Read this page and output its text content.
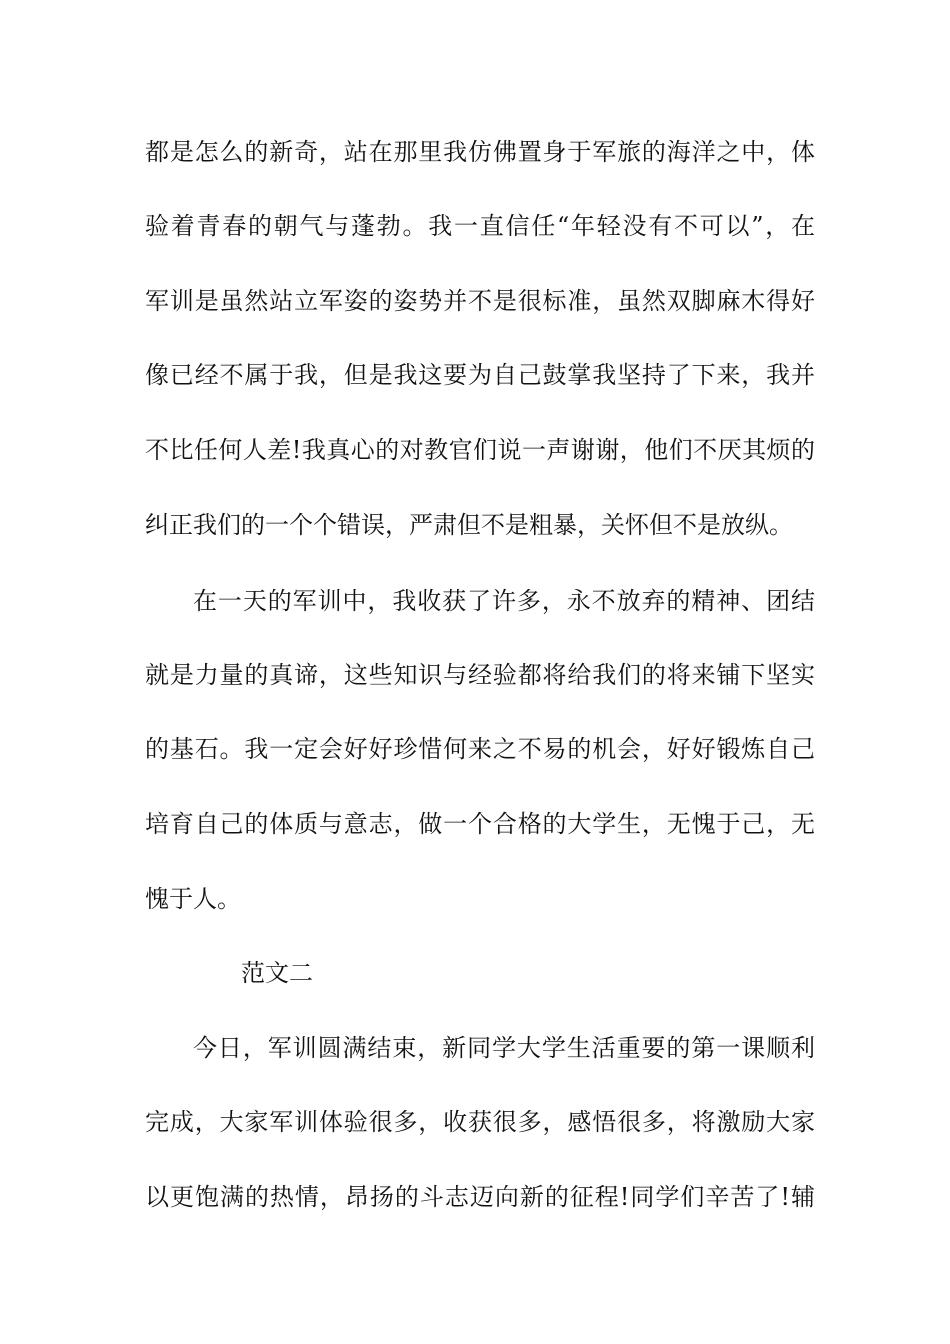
都是怎么的新奇，站在那里我仿佛置身于军旅的海洋之中，体
验着青春的朝气与蓬勃。我一直信任“年轻没有不可以”，在
军训是虽然站立军姿的姿势并不是很标准，虽然双脚麻木得好
像已经不属于我，但是我这要为自己鼓掌我坚持了下来，我并
不比任何人差!我真心的对教官们说一声谢谢，他们不厌其烦的
纠正我们的一个个错误，严肃但不是粗暴，关怀但不是放纵。
在一天的军训中，我收获了许多，永不放弃的精神、团结
就是力量的真谛，这些知识与经验都将给我们的将来铺下坚实
的基石。我一定会好好珍惜何来之不易的机会，好好锻炼自己
培育自己的体质与意志，做一个合格的大学生，无愧于己，无
愧于人。
范文二
今日，军训圆满结束，新同学大学生活重要的第一课顺利
完成，大家军训体验很多，收获很多，感悟很多，将激励大家
以更饱满的热情，昂扬的斗志迈向新的征程!同学们辛苦了!辅
